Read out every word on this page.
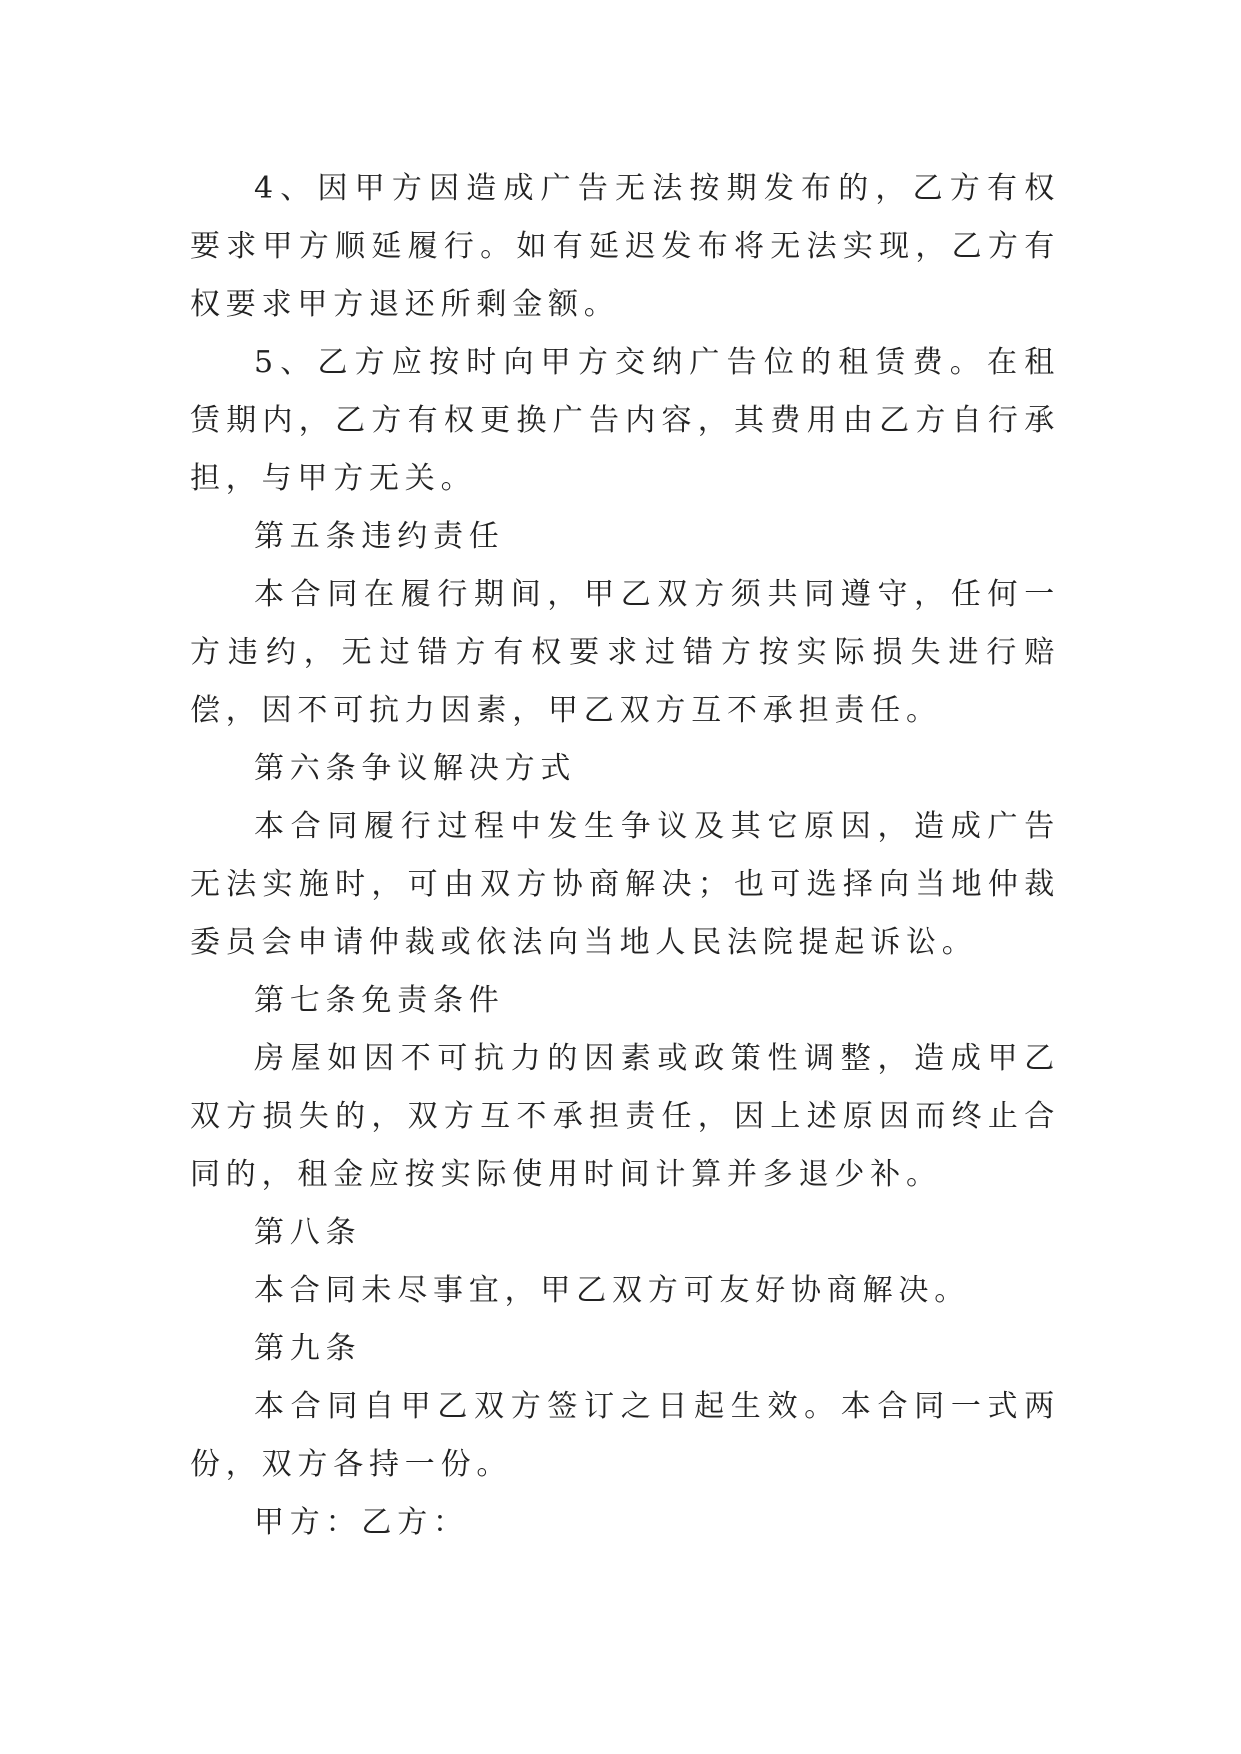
4、因甲方因造成广告无法按期发布的，乙方有权要求甲方顺延履行。如有延迟发布将无法实现，乙方有权要求甲方退还所剩金额。

5、乙方应按时向甲方交纳广告位的租赁费。在租赁期内，乙方有权更换广告内容，其费用由乙方自行承担，与甲方无关。

第五条违约责任

本合同在履行期间，甲乙双方须共同遵守，任何一方违约，无过错方有权要求过错方按实际损失进行赔偿，因不可抗力因素，甲乙双方互不承担责任。

第六条争议解决方式

本合同履行过程中发生争议及其它原因，造成广告无法实施时，可由双方协商解决；也可选择向当地仲裁委员会申请仲裁或依法向当地人民法院提起诉讼。

第七条免责条件

房屋如因不可抗力的因素或政策性调整，造成甲乙双方损失的，双方互不承担责任，因上述原因而终止合同的，租金应按实际使用时间计算并多退少补。

第八条

本合同未尽事宜，甲乙双方可友好协商解决。

第九条

本合同自甲乙双方签订之日起生效。本合同一式两份，双方各持一份。

甲方：乙方：
